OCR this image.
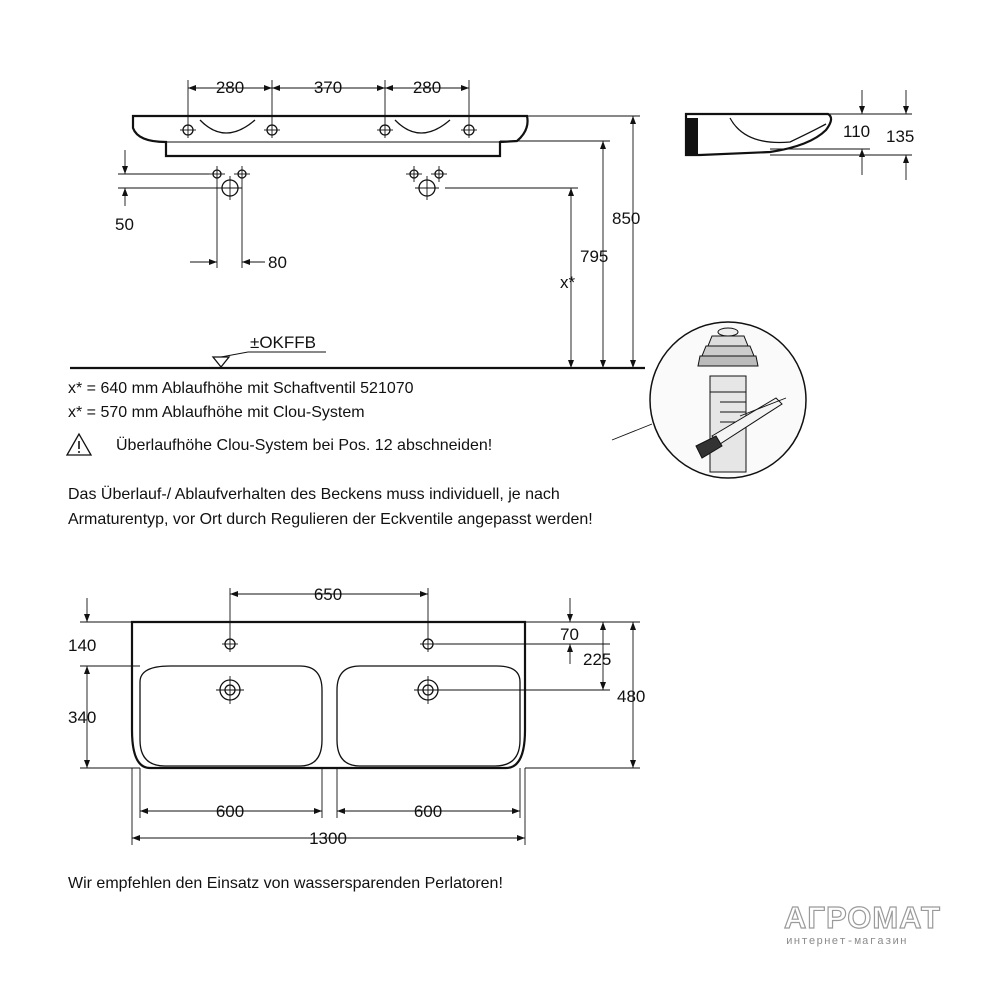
280	370	280
50
80
±OKFFB
850
795
x*
x* = 640 mm Ablaufhöhe mit Schaftventil 521070
x* = 570 mm Ablaufhöhe mit Clou-System
Überlaufhöhe Clou-System bei Pos. 12 abschneiden!
110 135
Das Überlauf-/ Ablaufverhalten des Beckens muss individuell, je nach
Armaturentyp, vor Ort durch Regulieren der Eckventile angepasst werden!
650
140
340
70
225
480
600	600
1300
Wir empfehlen den Einsatz von wassersparenden Perlatoren!
АГРОМАТ
интернет-магазин
